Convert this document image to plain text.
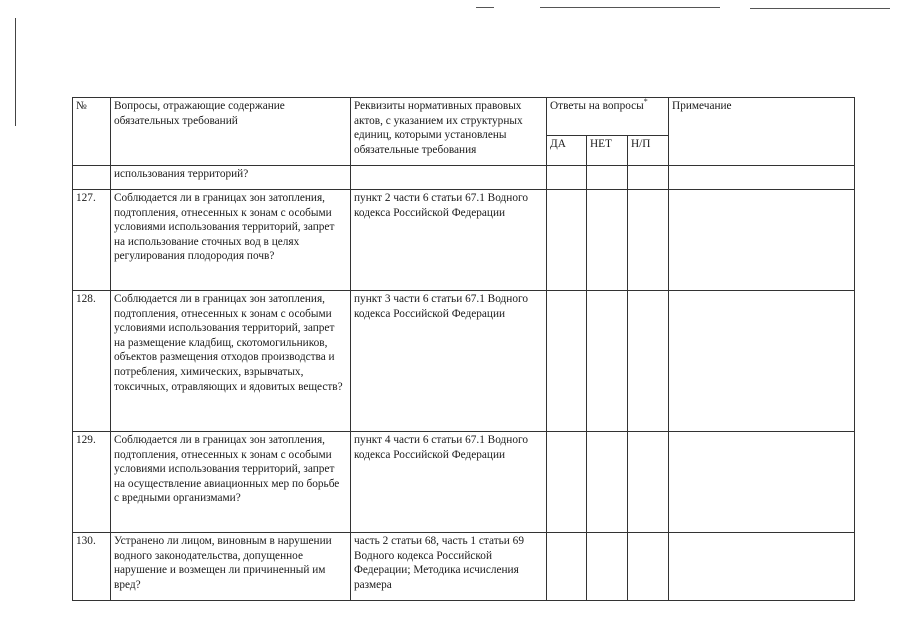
№	Вопросы, отражающие содержание обязательных требований	Реквизиты нормативных правовых актов, с указанием их структурных единиц, которыми установлены обязательные требования	Ответы на вопросы*			Примечание
			ДА	НЕТ	Н/П	
	использования территорий?					
127.	Соблюдается ли в границах зон затопления, подтопления, отнесенных к зонам с особыми условиями использования территорий, запрет на использование сточных вод в целях регулирования плодородия почв?	пункт 2 части 6 статьи 67.1 Водного кодекса Российской Федерации				
128.	Соблюдается ли в границах зон затопления, подтопления, отнесенных к зонам с особыми условиями использования территорий, запрет на размещение кладбищ, скотомогильников, объектов размещения отходов производства и потребления, химических, взрывчатых, токсичных, отравляющих и ядовитых веществ?	пункт 3 части 6 статьи 67.1 Водного кодекса Российской Федерации				
129.	Соблюдается ли в границах зон затопления, подтопления, отнесенных к зонам с особыми условиями использования территорий, запрет на осуществление авиационных мер по борьбе с вредными организмами?	пункт 4 части 6 статьи 67.1 Водного кодекса Российской Федерации				
130.	Устранено ли лицом, виновным в нарушении водного законодательства, допущенное нарушение и возмещен ли причиненный им вред?	часть 2 статьи 68, часть 1 статьи 69 Водного кодекса Российской Федерации; Методика исчисления размера				
